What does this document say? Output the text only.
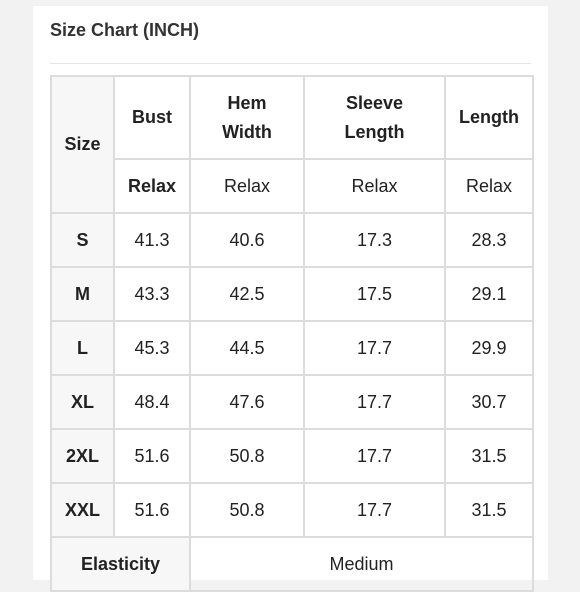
Size Chart (INCH)
Size	Bust	Hem Width	Sleeve Length	Length
	Relax	Relax	Relax	Relax
S	41.3	40.6	17.3	28.3
M	43.3	42.5	17.5	29.1
L	45.3	44.5	17.7	29.9
XL	48.4	47.6	17.7	30.7
2XL	51.6	50.8	17.7	31.5
XXL	51.6	50.8	17.7	31.5
Elasticity		Medium		
